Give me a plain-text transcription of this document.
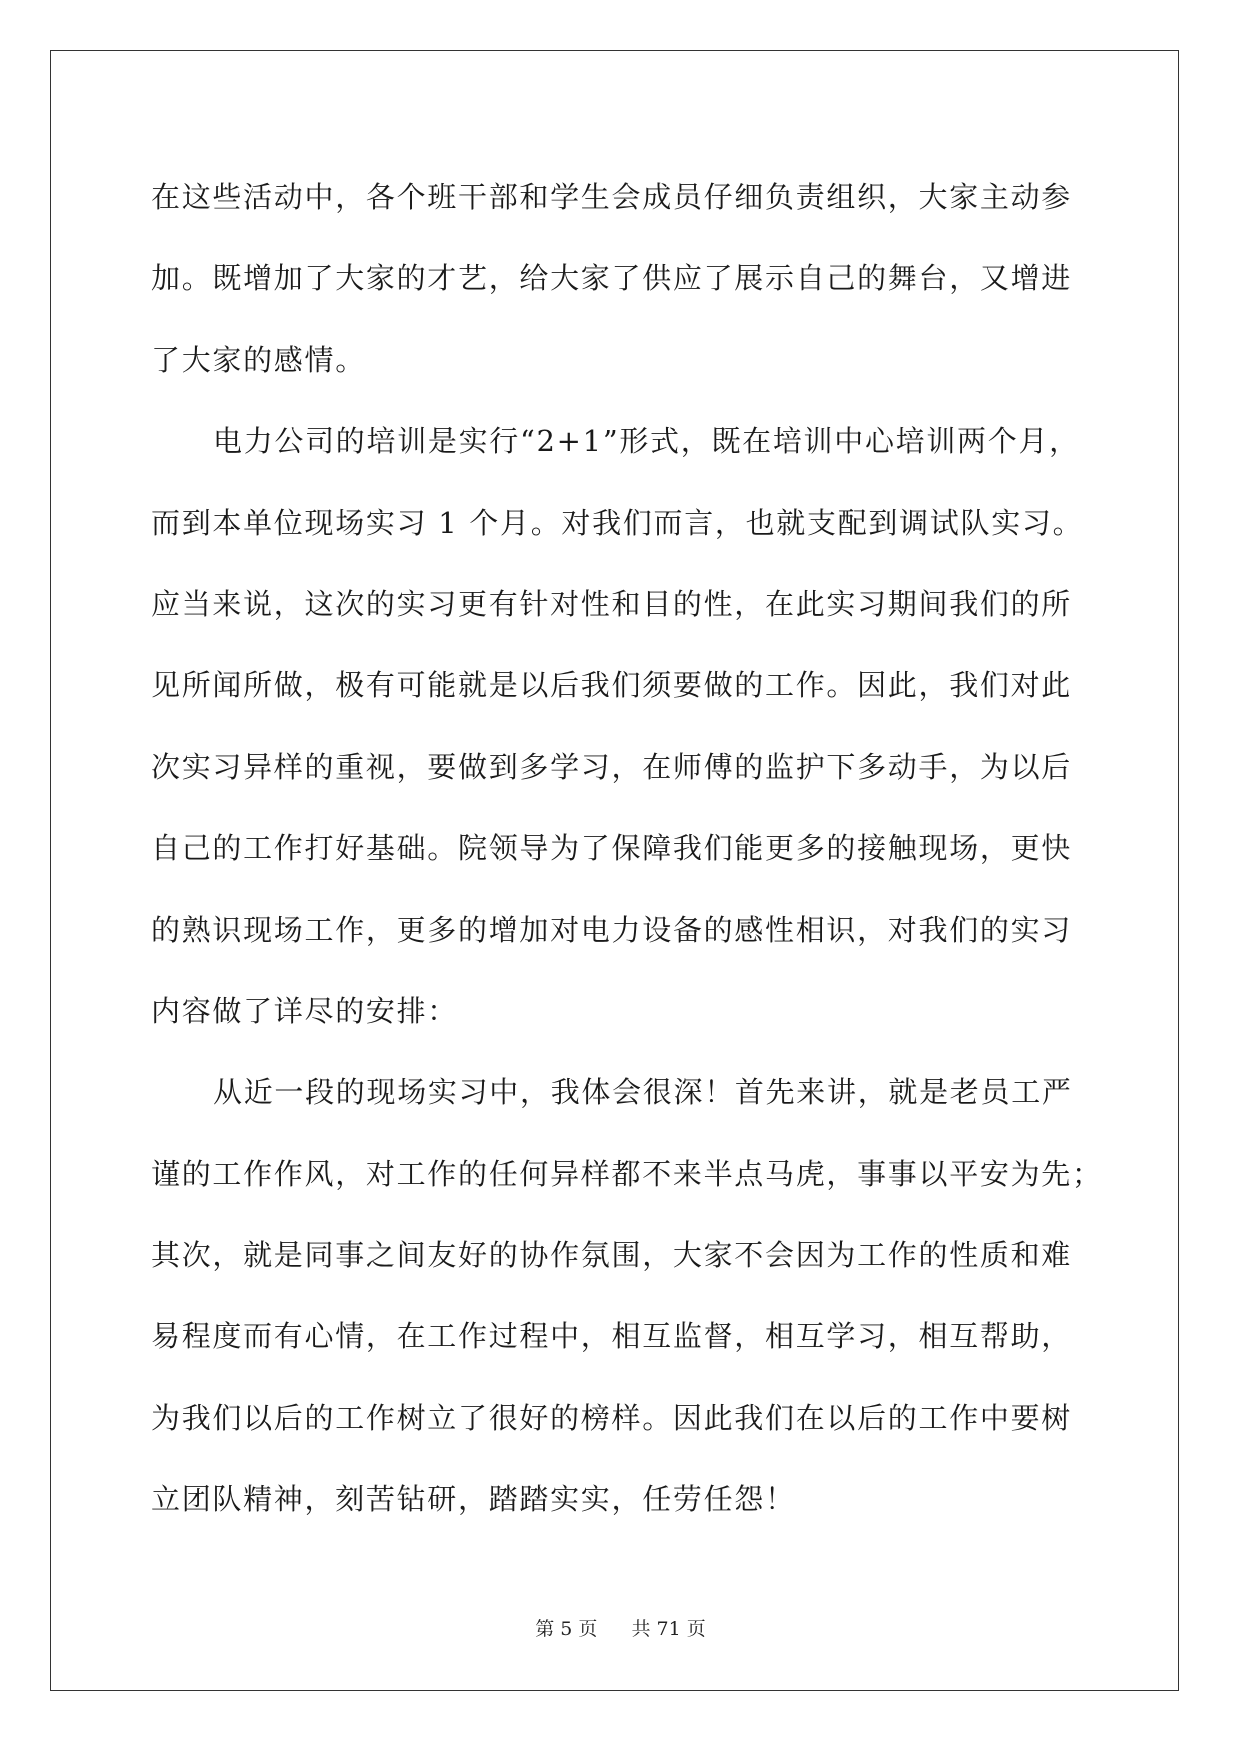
在这些活动中，各个班干部和学生会成员仔细负责组织，大家主动参
加。既增加了大家的才艺，给大家了供应了展示自己的舞台，又增进
了大家的感情。
电力公司的培训是实行“2+1”形式，既在培训中心培训两个月，
而到本单位现场实习 1 个月。对我们而言，也就支配到调试队实习。
应当来说，这次的实习更有针对性和目的性，在此实习期间我们的所
见所闻所做，极有可能就是以后我们须要做的工作。因此，我们对此
次实习异样的重视，要做到多学习，在师傅的监护下多动手，为以后
自己的工作打好基础。院领导为了保障我们能更多的接触现场，更快
的熟识现场工作，更多的增加对电力设备的感性相识，对我们的实习
内容做了详尽的安排：
从近一段的现场实习中，我体会很深！首先来讲，就是老员工严
谨的工作作风，对工作的任何异样都不来半点马虎，事事以平安为先；
其次，就是同事之间友好的协作氛围，大家不会因为工作的性质和难
易程度而有心情，在工作过程中，相互监督，相互学习，相互帮助，
为我们以后的工作树立了很好的榜样。因此我们在以后的工作中要树
立团队精神，刻苦钻研，踏踏实实，任劳任怨！
第 5 页 共 71 页
